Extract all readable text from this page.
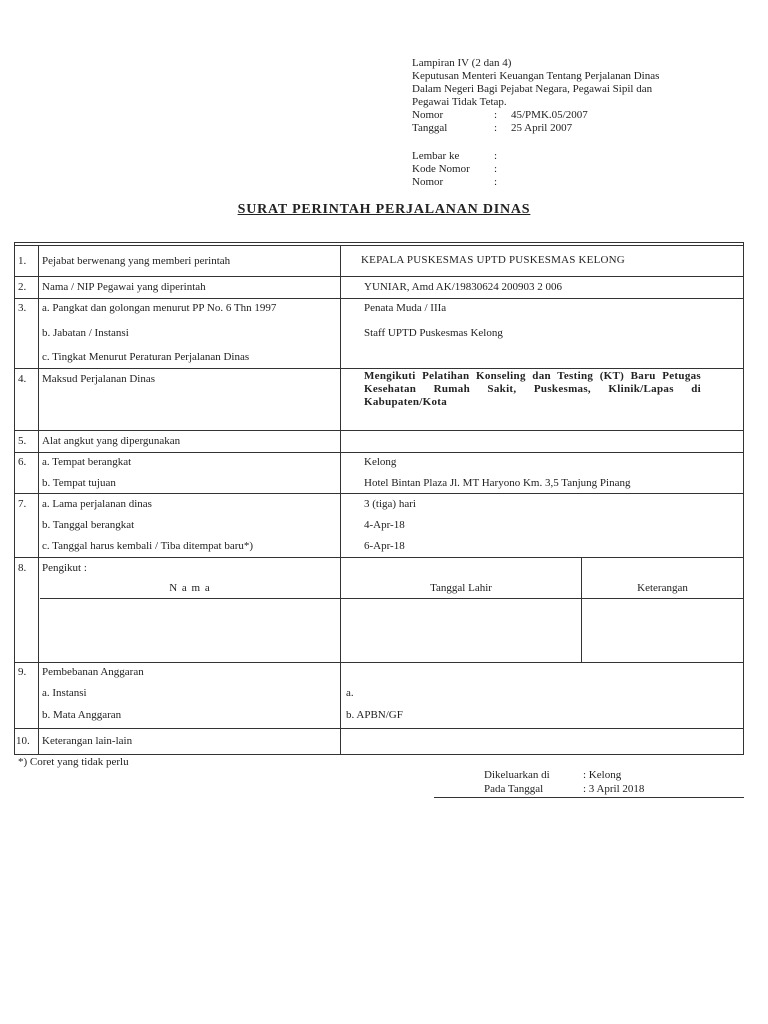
Lampiran IV (2 dan 4)
Keputusan Menteri Keuangan Tentang Perjalanan Dinas
Dalam Negeri Bagi Pejabat Negara, Pegawai Sipil dan
Pegawai Tidak Tetap.
Nomor	: 45/PMK.05/2007
Tanggal	: 25 April 2007
Lembar ke	:
Kode Nomor :
Nomor	:
SURAT PERINTAH PERJALANAN DINAS
1. Pejabat berwenang yang memberi perintah	KEPALA PUSKESMAS UPTD PUSKESMAS KELONG
2. Nama / NIP Pegawai yang diperintah	YUNIAR, Amd AK/19830624 200903 2 006
3. a. Pangkat dan golongan menurut PP No. 6 Thn 1997	Penata Muda / IIIa
b. Jabatan / Instansi	Staff UPTD Puskesmas Kelong
c. Tingkat Menurut Peraturan Perjalanan Dinas
4. Maksud Perjalanan Dinas	Mengikuti Pelatihan Konseling dan Testing (KT) Baru Petugas Kesehatan Rumah Sakit, Puskesmas, Klinik/Lapas di Kabupaten/Kota
5. Alat angkut yang dipergunakan
6. a. Tempat berangkat	Kelong
b. Tempat tujuan	Hotel Bintan Plaza Jl. MT Haryono Km. 3,5 Tanjung Pinang
7. a. Lama perjalanan dinas	3 (tiga) hari
b. Tanggal berangkat	4-Apr-18
c. Tanggal harus kembali / Tiba ditempat baru*)	6-Apr-18
8. Pengikut :
N a m a	Tanggal Lahir	Keterangan
9. Pembebanan Anggaran
a. Instansi	a.
b. Mata Anggaran	b. APBN/GF
10. Keterangan lain-lain
*) Coret yang tidak perlu
Dikeluarkan di	: Kelong
Pada Tanggal	: 3 April 2018
